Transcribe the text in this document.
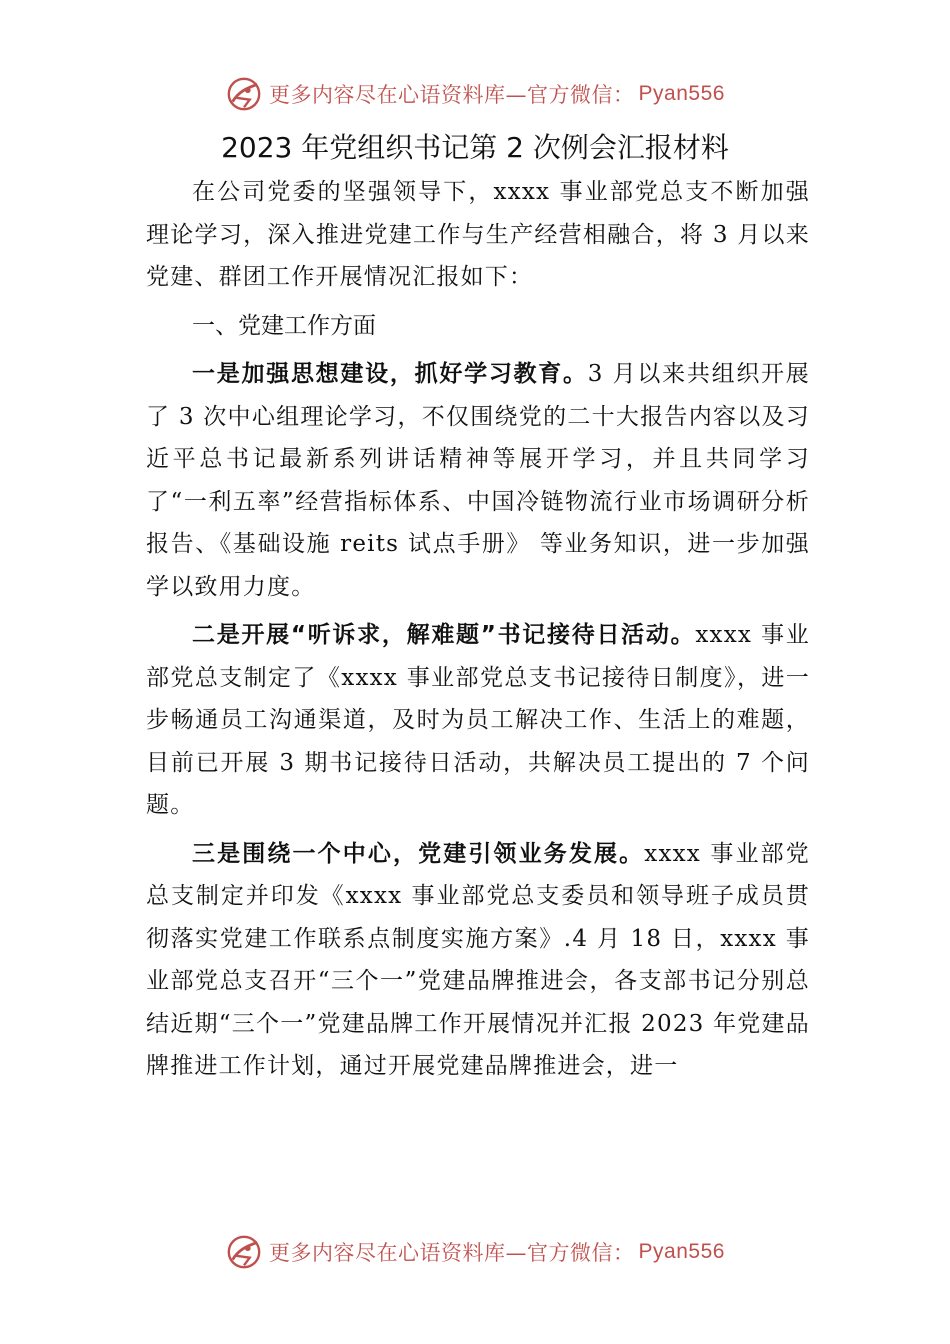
更多内容尽在心语资料库—官方微信： Pyan556
2023 年党组织书记第 2 次例会汇报材料

在公司党委的坚强领导下，xxxx 事业部党总支不断加强理论学习，深入推进党建工作与生产经营相融合，将 3 月以来党建、群团工作开展情况汇报如下：

一、党建工作方面

一是加强思想建设，抓好学习教育。3 月以来共组织开展了 3 次中心组理论学习，不仅围绕党的二十大报告内容以及习近平总书记最新系列讲话精神等展开学习，并且共同学习了“一利五率”经营指标体系、中国冷链物流行业市场调研分析报告、《基础设施 reits 试点手册》 等业务知识，进一步加强学以致用力度。

二是开展“听诉求，解难题”书记接待日活动。xxxx 事业部党总支制定了《xxxx 事业部党总支书记接待日制度》，进一步畅通员工沟通渠道，及时为员工解决工作、生活上的难题，目前已开展 3 期书记接待日活动，共解决员工提出的 7 个问题。

三是围绕一个中心，党建引领业务发展。xxxx 事业部党总支制定并印发《xxxx 事业部党总支委员和领导班子成员贯彻落实党建工作联系点制度实施方案》.4 月 18 日，xxxx 事业部党总支召开“三个一”党建品牌推进会，各支部书记分别总结近期“三个一”党建品牌工作开展情况并汇报 2023 年党建品牌推进工作计划，通过开展党建品牌推进会，进一

更多内容尽在心语资料库—官方微信： Pyan556
